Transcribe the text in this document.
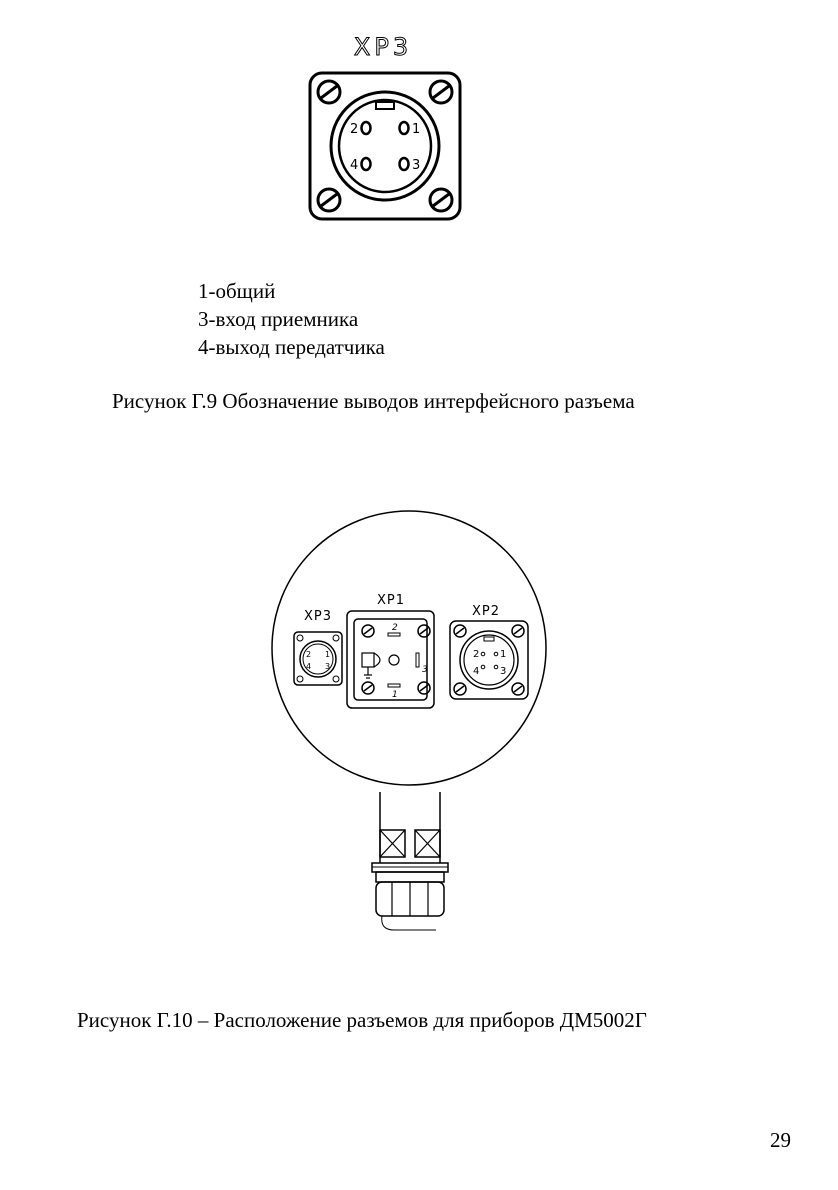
XP3
2	1
4	3
1-общий
3-вход приемника
4-выход передатчика
Рисунок Г.9 Обозначение выводов интерфейсного разъема
XP3
2 1
4 3
XP1
2
3
1
XP2
2 1
4 3
Рисунок Г.10 – Расположение разъемов для приборов ДМ5002Г
29
